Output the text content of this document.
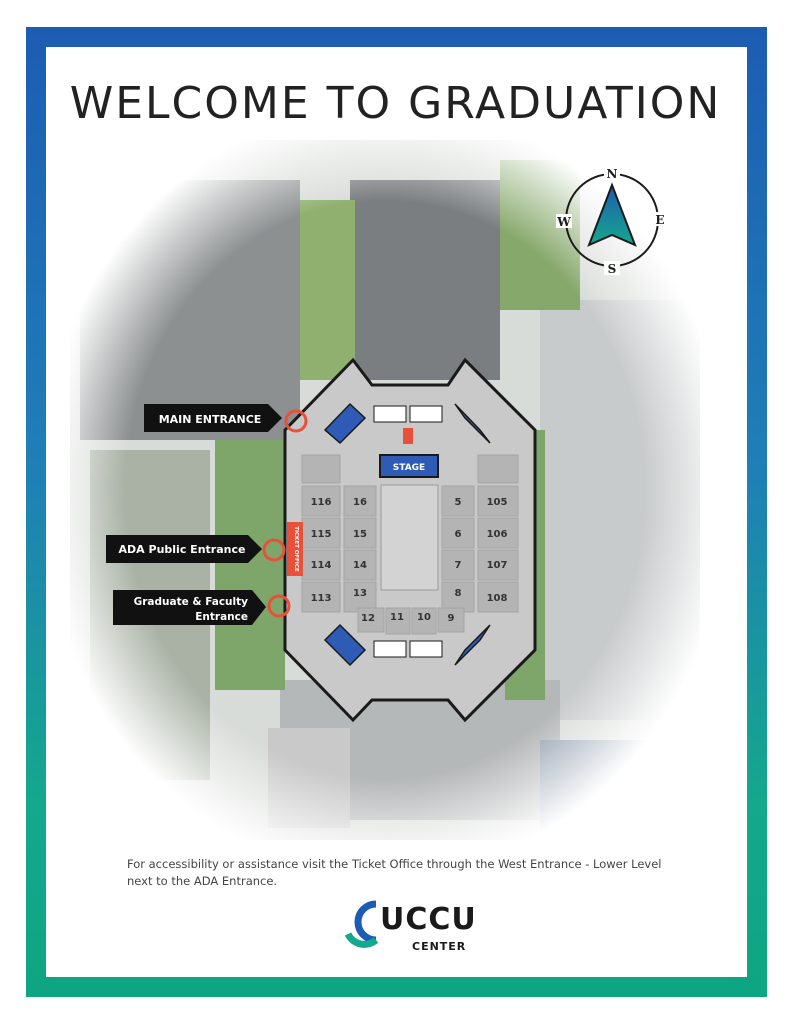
116 16
115 15
114 14
113 13
12 11 10 9
5	105
6	106
7	107
8	108
STAGE
TICKET OFFICE
MAIN ENTRANCE
ADA Public Entrance
Graduate & Faculty
Entrance
N
S
E
W
WELCOME TO GRADUATION
For accessibility or assistance visit the Ticket Office through the West Entrance - Lower Level next to the ADA Entrance.
UCCU
CENTER
